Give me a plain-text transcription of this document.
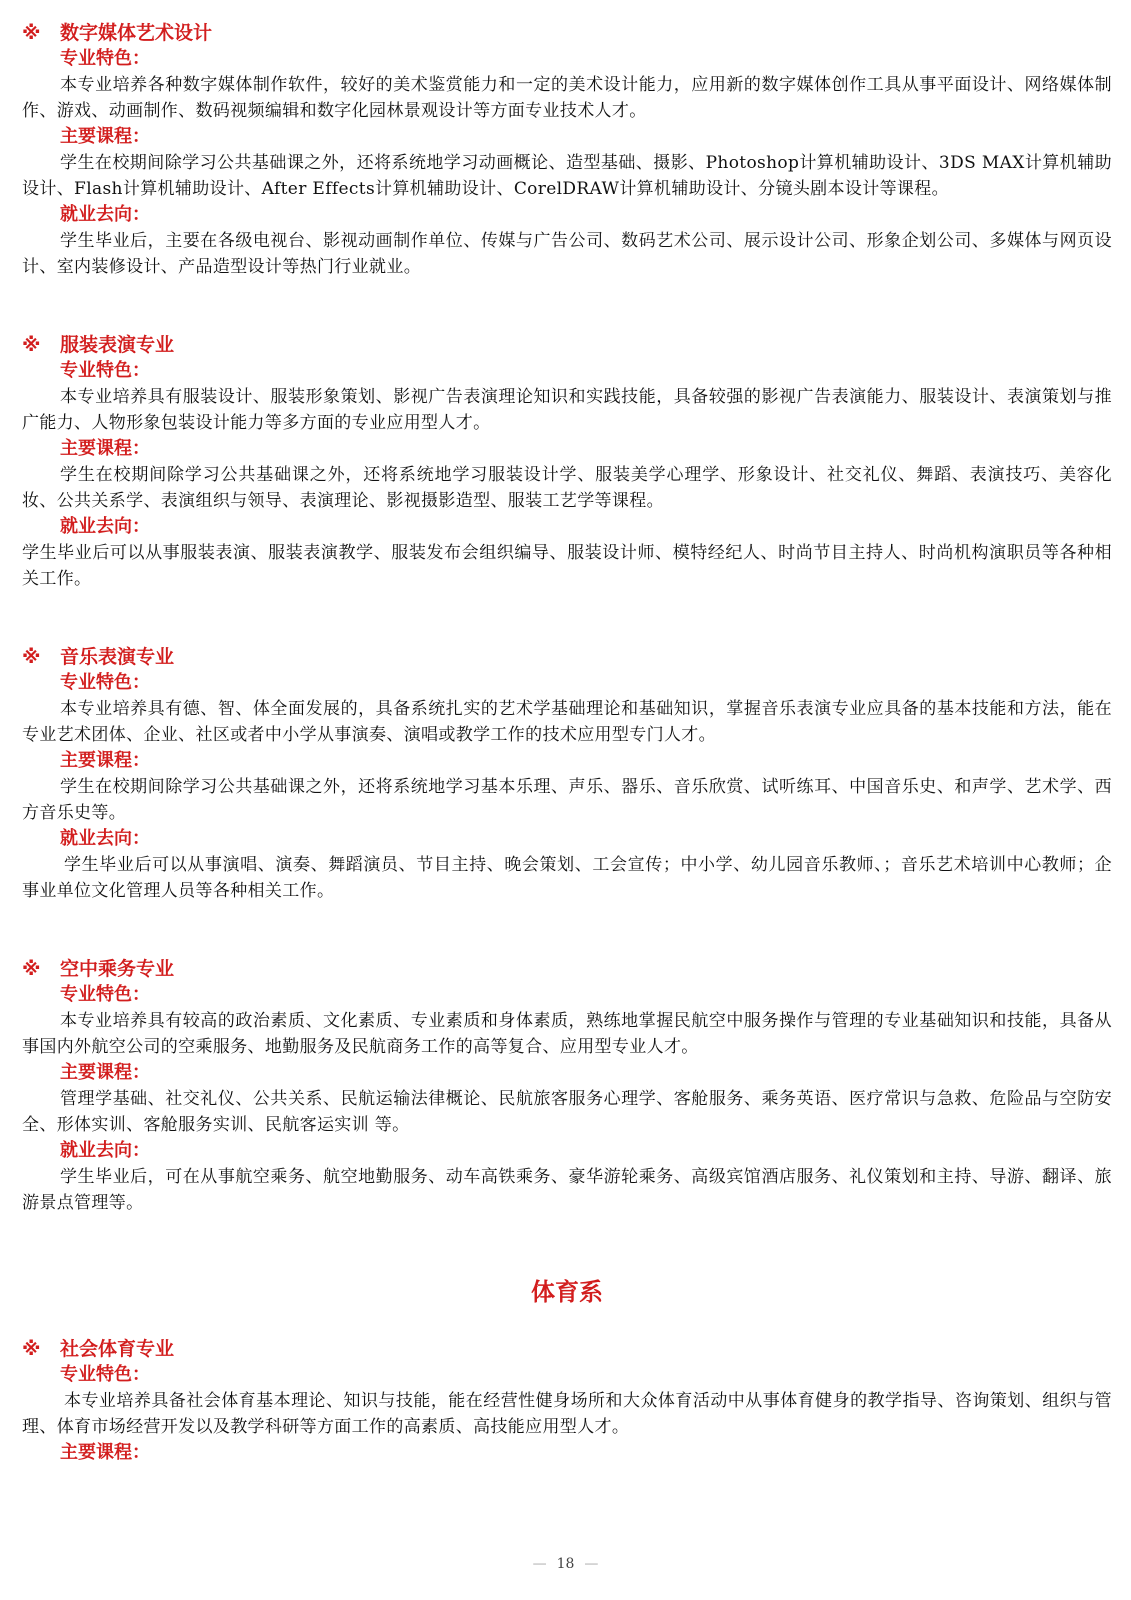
※ 数字媒体艺术设计
专业特色：

本专业培养各种数字媒体制作软件，较好的美术鉴赏能力和一定的美术设计能力，应用新的数字媒体创作工具从事平面设计、网络媒体制作、游戏、动画制作、数码视频编辑和数字化园林景观设计等方面专业技术人才。

主要课程：

学生在校期间除学习公共基础课之外，还将系统地学习动画概论、造型基础、摄影、Photoshop计算机辅助设计、3DS MAX计算机辅助设计、Flash计算机辅助设计、After Effects计算机辅助设计、CorelDRAW计算机辅助设计、分镜头剧本设计等课程。

就业去向：

学生毕业后，主要在各级电视台、影视动画制作单位、传媒与广告公司、数码艺术公司、展示设计公司、形象企划公司、多媒体与网页设计、室内装修设计、产品造型设计等热门行业就业。

※ 服装表演专业
专业特色：

本专业培养具有服装设计、服装形象策划、影视广告表演理论知识和实践技能，具备较强的影视广告表演能力、服装设计、表演策划与推广能力、人物形象包装设计能力等多方面的专业应用型人才。

主要课程：

学生在校期间除学习公共基础课之外，还将系统地学习服装设计学、服装美学心理学、形象设计、社交礼仪、舞蹈、表演技巧、美容化妆、公共关系学、表演组织与领导、表演理论、影视摄影造型、服装工艺学等课程。

就业去向：

学生毕业后可以从事服装表演、服装表演教学、服装发布会组织编导、服装设计师、模特经纪人、时尚节目主持人、时尚机构演职员等各种相关工作。

※ 音乐表演专业
专业特色：

本专业培养具有德、智、体全面发展的，具备系统扎实的艺术学基础理论和基础知识，掌握音乐表演专业应具备的基本技能和方法，能在专业艺术团体、企业、社区或者中小学从事演奏、演唱或教学工作的技术应用型专门人才。

主要课程：

学生在校期间除学习公共基础课之外，还将系统地学习基本乐理、声乐、器乐、音乐欣赏、试听练耳、中国音乐史、和声学、艺术学、西方音乐史等。

就业去向：

学生毕业后可以从事演唱、演奏、舞蹈演员、节目主持、晚会策划、工会宣传；中小学、幼儿园音乐教师、；音乐艺术培训中心教师；企事业单位文化管理人员等各种相关工作。

※ 空中乘务专业
专业特色：

本专业培养具有较高的政治素质、文化素质、专业素质和身体素质，熟练地掌握民航空中服务操作与管理的专业基础知识和技能，具备从事国内外航空公司的空乘服务、地勤服务及民航商务工作的高等复合、应用型专业人才。

主要课程：

管理学基础、社交礼仪、公共关系、民航运输法律概论、民航旅客服务心理学、客舱服务、乘务英语、医疗常识与急救、危险品与空防安全、形体实训、客舱服务实训、民航客运实训 等。

就业去向：

学生毕业后，可在从事航空乘务、航空地勤服务、动车高铁乘务、豪华游轮乘务、高级宾馆酒店服务、礼仪策划和主持、导游、翻译、旅游景点管理等。

体育系
※ 社会体育专业
专业特色：

本专业培养具备社会体育基本理论、知识与技能，能在经营性健身场所和大众体育活动中从事体育健身的教学指导、咨询策划、组织与管理、体育市场经营开发以及教学科研等方面工作的高素质、高技能应用型人才。

主要课程：
— 18 —
